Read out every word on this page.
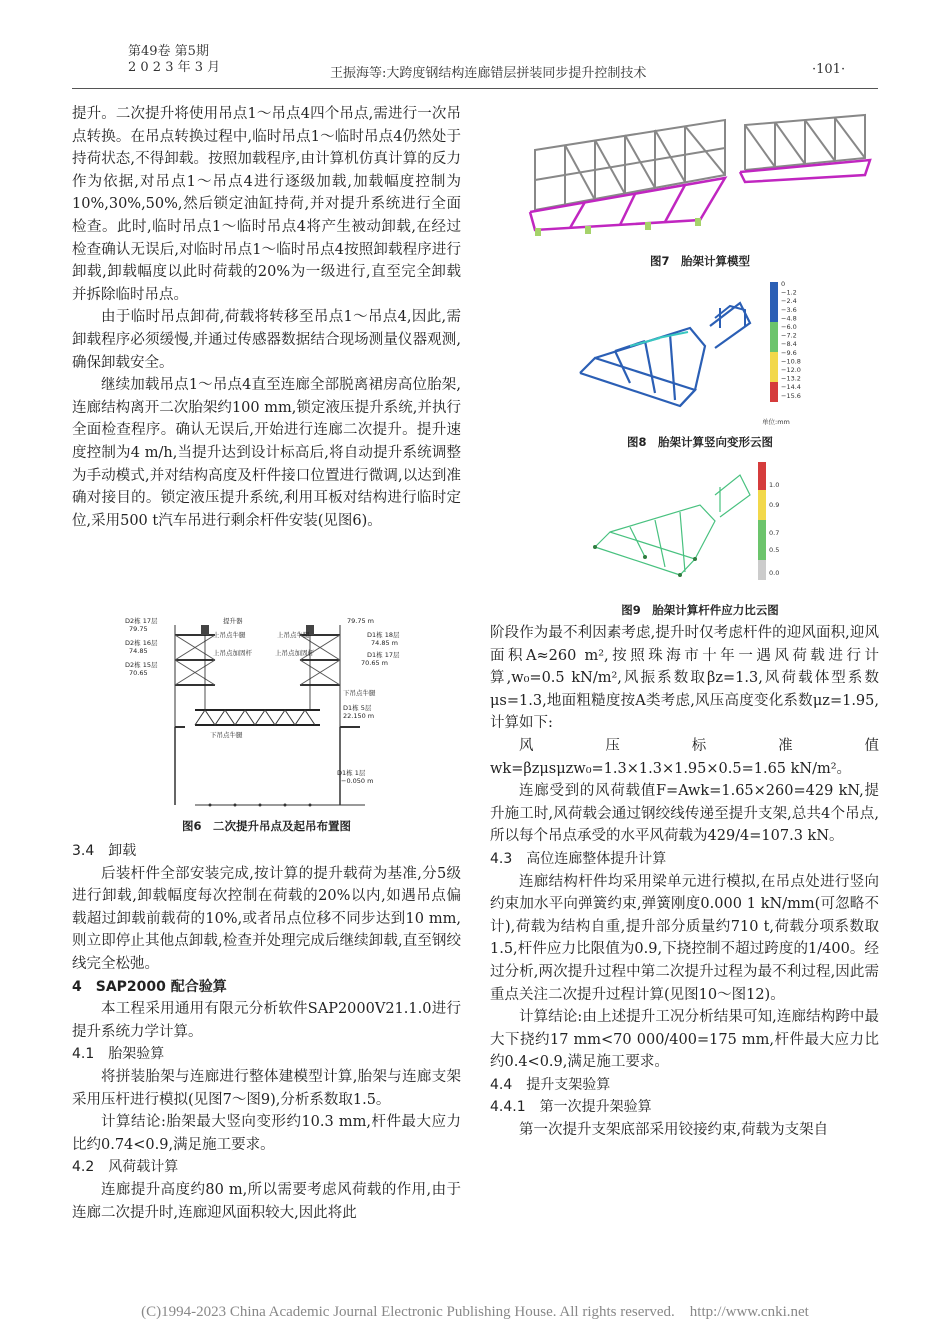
第49卷 第5期
2 0 2 3 年 3 月	王振海等:大跨度钢结构连廊错层拼装同步提升控制技术	·101·

提升。二次提升将使用吊点1～吊点4四个吊点,需进行一次吊点转换。在吊点转换过程中,临时吊点1～临时吊点4仍然处于持荷状态,不得卸载。按照加载程序,由计算机仿真计算的反力作为依据,对吊点1～吊点4进行逐级加载,加载幅度控制为10%,30%,50%,然后锁定油缸持荷,并对提升系统进行全面检查。此时,临时吊点1～临时吊点4将产生被动卸载,在经过检查确认无误后,对临时吊点1～临时吊点4按照卸载程序进行卸载,卸载幅度以此时荷载的20%为一级进行,直至完全卸载并拆除临时吊点。

由于临时吊点卸荷,荷载将转移至吊点1～吊点4,因此,需卸载程序必须缓慢,并通过传感器数据结合现场测量仪器观测,确保卸载安全。

继续加载吊点1～吊点4直至连廊全部脱离裙房高位胎架,连廊结构离开二次胎架约100 mm,锁定液压提升系统,并执行全面检查程序。确认无误后,开始进行连廊二次提升。提升速度控制为4 m/h,当提升达到设计标高后,将自动提升系统调整为手动模式,并对结构高度及杆件接口位置进行微调,以达到准确对接目的。锁定液压提升系统,利用耳板对结构进行临时定位,采用500 t汽车吊进行剩余杆件安装(见图6)。

D2栋 17层
79.75
D2栋 16层
74.85
D2栋 15层
70.65
提升器
上吊点牛腿
上吊点加固杆
上吊点牛腿
上吊点加固杆
79.75 m
D1栋 18层
74.85 m
D1栋 17层
70.65 m
下吊点牛腿
D1栋 5层
22.150 m
下吊点牛腿
D1栋 1层
−0.050 m
图6　二次提升吊点及起吊布置图

3.4　卸载

后装杆件全部安装完成,按计算的提升载荷为基准,分5级进行卸载,卸载幅度每次控制在荷载的20%以内,如遇吊点偏载超过卸载前载荷的10%,或者吊点位移不同步达到10 mm,则立即停止其他点卸载,检查并处理完成后继续卸载,直至钢绞线完全松弛。

4　SAP2000 配合验算

本工程采用通用有限元分析软件SAP2000V21.1.0进行提升系统力学计算。

4.1　胎架验算

将拼装胎架与连廊进行整体建模型计算,胎架与连廊支架采用压杆进行模拟(见图7～图9),分析系数取1.5。

计算结论:胎架最大竖向变形约10.3 mm,杆件最大应力比约0.74<0.9,满足施工要求。

4.2　风荷载计算

连廊提升高度约80 m,所以需要考虑风荷载的作用,由于连廊二次提升时,连廊迎风面积较大,因此将此

图7　胎架计算模型
0
−1.2
−2.4
−3.6
−4.8
−6.0
−7.2
−8.4
−9.6
−10.8
−12.0
−13.2
−14.4
−15.6
单位:mm
图8　胎架计算竖向变形云图
1.0
0.9
0.7
0.5
0.0
图9　胎架计算杆件应力比云图

阶段作为最不利因素考虑,提升时仅考虑杆件的迎风面积,迎风面积A≈260 m²,按照珠海市十年一遇风荷载进行计算,w₀=0.5 kN/m²,风振系数取βz=1.3,风荷载体型系数μs=1.3,地面粗糙度按A类考虑,风压高度变化系数μz=1.95,计算如下:

风压标准值wk=βzμsμzw₀=1.3×1.3×1.95×0.5=1.65 kN/m²。

连廊受到的风荷载值F=Awk=1.65×260=429 kN,提升施工时,风荷载会通过钢绞线传递至提升支架,总共4个吊点,所以每个吊点承受的水平风荷载为429/4=107.3 kN。

4.3　高位连廊整体提升计算

连廊结构杆件均采用梁单元进行模拟,在吊点处进行竖向约束加水平向弹簧约束,弹簧刚度0.000 1 kN/mm(可忽略不计),荷载为结构自重,提升部分质量约710 t,荷载分项系数取1.5,杆件应力比限值为0.9,下挠控制不超过跨度的1/400。经过分析,两次提升过程中第二次提升过程为最不利过程,因此需重点关注二次提升过程计算(见图10～图12)。

计算结论:由上述提升工况分析结果可知,连廊结构跨中最大下挠约17 mm<70 000/400=175 mm,杆件最大应力比约0.4<0.9,满足施工要求。

4.4　提升支架验算

4.4.1　第一次提升架验算

第一次提升支架底部采用铰接约束,荷载为支架自

(C)1994-2023 China Academic Journal Electronic Publishing House. All rights reserved.　http://www.cnki.net
